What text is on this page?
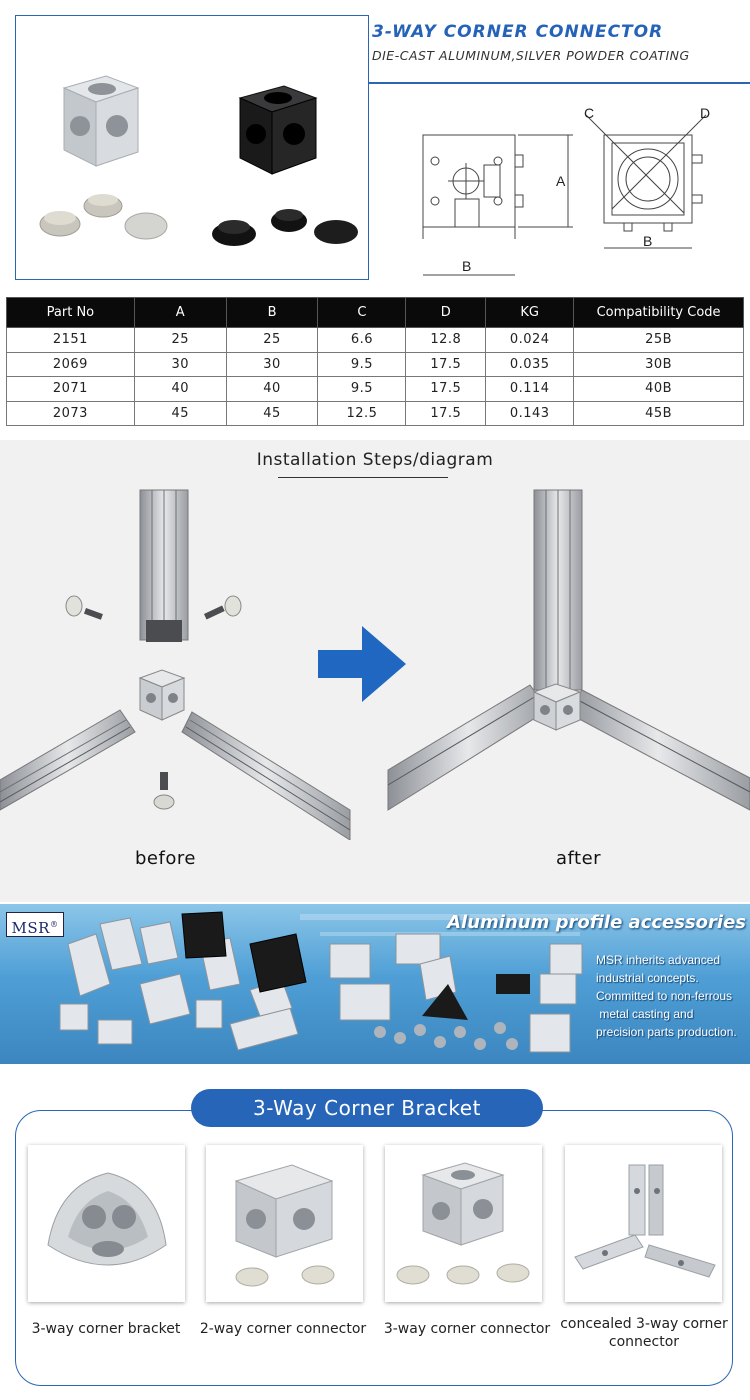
3-WAY CORNER CONNECTOR
DIE-CAST ALUMINUM,SILVER POWDER COATING
A
B
C	D
B
Part No	A	B	C	D	KG	Compatibility Code
2151	25	25	6.6	12.8	0.024	25B
2069	30	30	9.5	17.5	0.035	30B
2071	40	40	9.5	17.5	0.114	40B
2073	45	45	12.5	17.5	0.143	45B
Installation Steps/diagram
before	after
MSR®	Aluminum profile accessories
MSR inherits advanced
industrial concepts.
Committed to non-ferrous
metal casting and
precision parts production.
3-Way Corner Bracket
3-way corner bracket	2-way corner connector	3-way corner connector concealed 3-way corner connector
